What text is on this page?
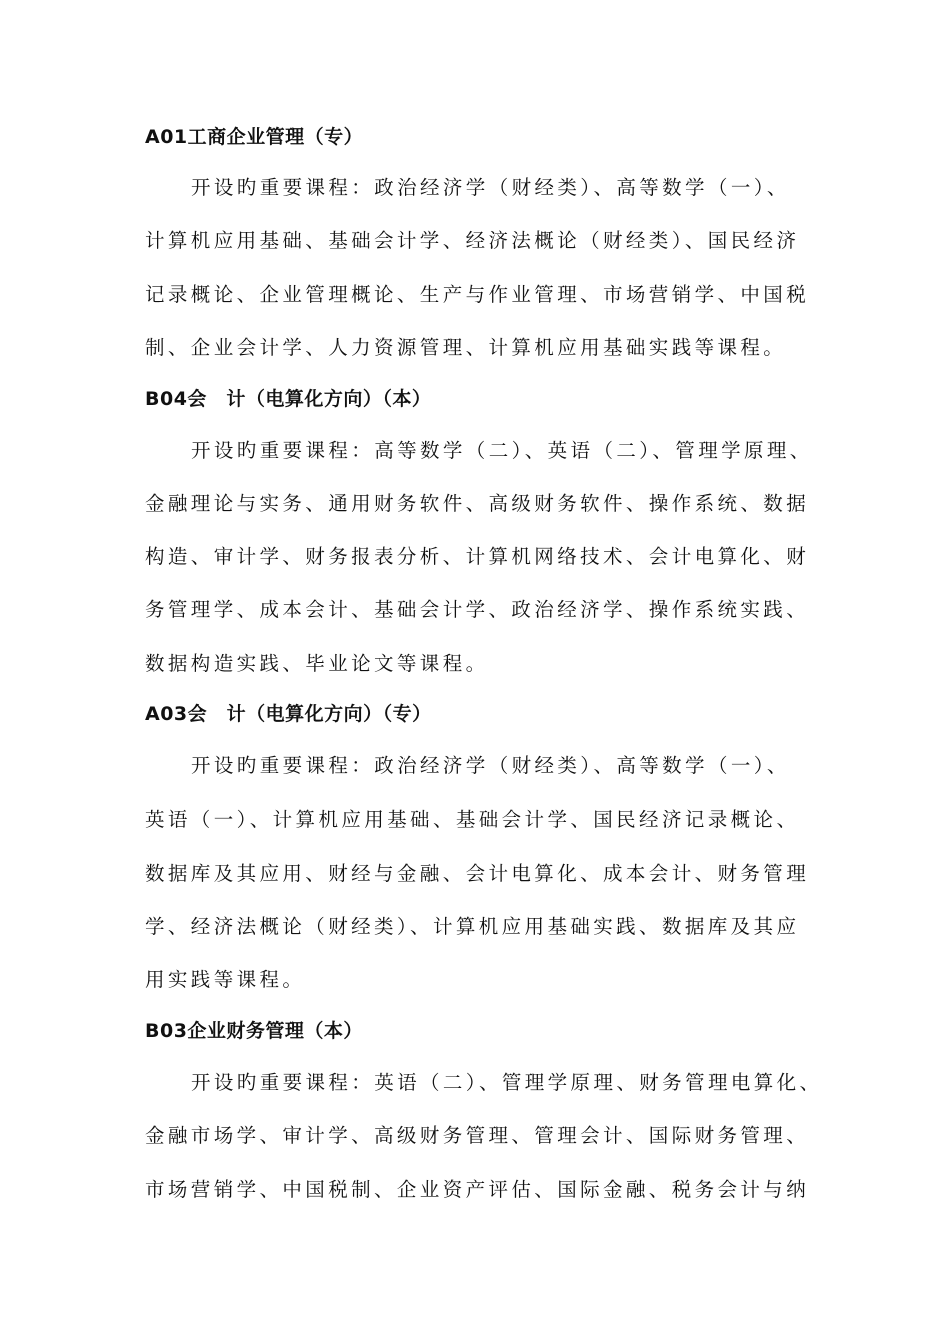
A01工商企业管理（专）
开设旳重要课程：政治经济学（财经类）、高等数学（一）、
计算机应用基础、基础会计学、经济法概论（财经类）、国民经济
记录概论、企业管理概论、生产与作业管理、市场营销学、中国税
制、企业会计学、人力资源管理、计算机应用基础实践等课程。
B04会　计（电算化方向）（本）
开设旳重要课程：高等数学（二）、英语（二）、管理学原理、
金融理论与实务、通用财务软件、高级财务软件、操作系统、数据
构造、审计学、财务报表分析、计算机网络技术、会计电算化、财
务管理学、成本会计、基础会计学、政治经济学、操作系统实践、
数据构造实践、毕业论文等课程。
A03会　计（电算化方向）（专）
开设旳重要课程：政治经济学（财经类）、高等数学（一）、
英语（一）、计算机应用基础、基础会计学、国民经济记录概论、
数据库及其应用、财经与金融、会计电算化、成本会计、财务管理
学、经济法概论（财经类）、计算机应用基础实践、数据库及其应
用实践等课程。
B03企业财务管理（本）
开设旳重要课程：英语（二）、管理学原理、财务管理电算化、
金融市场学、审计学、高级财务管理、管理会计、国际财务管理、
市场营销学、中国税制、企业资产评估、国际金融、税务会计与纳
